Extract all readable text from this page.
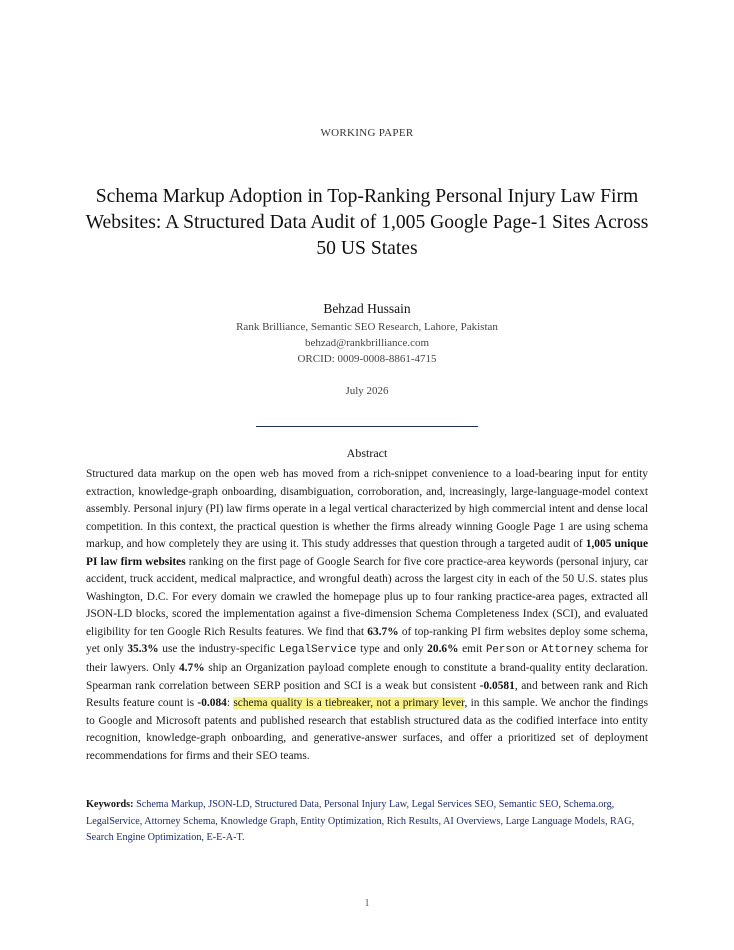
WORKING PAPER
Schema Markup Adoption in Top-Ranking Personal Injury Law Firm Websites: A Structured Data Audit of 1,005 Google Page-1 Sites Across 50 US States
Behzad Hussain
Rank Brilliance, Semantic SEO Research, Lahore, Pakistan
behzad@rankbrilliance.com
ORCID: 0009-0008-8861-4715
July 2026
Abstract

Structured data markup on the open web has moved from a rich-snippet convenience to a load-bearing input for entity extraction, knowledge-graph onboarding, disambiguation, corroboration, and, increasingly, large-language-model context assembly. Personal injury (PI) law firms operate in a legal vertical characterized by high commercial intent and dense local competition. In this context, the practical question is whether the firms already winning Google Page 1 are using schema markup, and how completely they are using it. This study addresses that question through a targeted audit of 1,005 unique PI law firm websites ranking on the first page of Google Search for five core practice-area keywords (personal injury, car accident, truck accident, medical malpractice, and wrongful death) across the largest city in each of the 50 U.S. states plus Washington, D.C. For every domain we crawled the homepage plus up to four ranking practice-area pages, extracted all JSON-LD blocks, scored the implementation against a five-dimension Schema Completeness Index (SCI), and evaluated eligibility for ten Google Rich Results features. We find that 63.7% of top-ranking PI firm websites deploy some schema, yet only 35.3% use the industry-specific LegalService type and only 20.6% emit Person or Attorney schema for their lawyers. Only 4.7% ship an Organization payload complete enough to constitute a brand-quality entity declaration. Spearman rank correlation between SERP position and SCI is a weak but consistent -0.0581, and between rank and Rich Results feature count is -0.084: schema quality is a tiebreaker, not a primary lever, in this sample. We anchor the findings to Google and Microsoft patents and published research that establish structured data as the codified interface into entity recognition, knowledge-graph onboarding, and generative-answer surfaces, and offer a prioritized set of deployment recommendations for firms and their SEO teams.

Keywords: Schema Markup, JSON-LD, Structured Data, Personal Injury Law, Legal Services SEO, Semantic SEO, Schema.org, LegalService, Attorney Schema, Knowledge Graph, Entity Optimization, Rich Results, AI Overviews, Large Language Models, RAG, Search Engine Optimization, E-E-A-T.

1
